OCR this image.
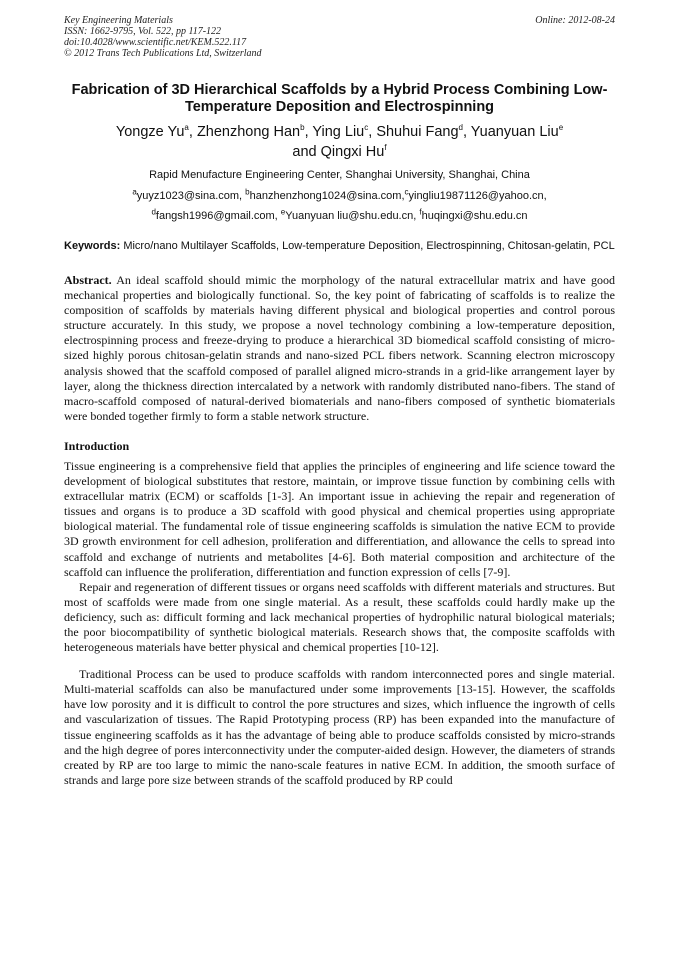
Key Engineering Materials	Online: 2012-08-24
ISSN: 1662-9795, Vol. 522, pp 117-122
doi:10.4028/www.scientific.net/KEM.522.117
© 2012 Trans Tech Publications Ltd, Switzerland
Fabrication of 3D Hierarchical Scaffolds by a Hybrid Process Combining Low-Temperature Deposition and Electrospinning
Yongze Yu$^a$, Zhenzhong Han$^b$, Ying Liu$^c$, Shuhui Fang$^d$, Yuanyuan Liu$^e$
and Qingxi Hu$^f$
Rapid Menufacture Engineering Center, Shanghai University, Shanghai, China
$^a$yuyz1023@sina.com, $^b$hanzhenzhong1024@sina.com,$^c$yingliu19871126@yahoo.cn,
$^d$fangsh1996@gmail.com, $^e$Yuanyuan liu@shu.edu.cn, $^f$huqingxi@shu.edu.cn
Keywords: Micro/nano Multilayer Scaffolds, Low-temperature Deposition, Electrospinning, Chitosan-gelatin, PCL
Abstract. An ideal scaffold should mimic the morphology of the natural extracellular matrix and have good mechanical properties and biologically functional. So, the key point of fabricating of scaffolds is to realize the composition of scaffolds by materials having different physical and biological properties and control porous structure accurately. In this study, we propose a novel technology combining a low-temperature deposition, electrospinning process and freeze-drying to produce a hierarchical 3D biomedical scaffold consisting of micro-sized highly porous chitosan-gelatin strands and nano-sized PCL fibers network. Scanning electron microscopy analysis showed that the scaffold composed of parallel aligned micro-strands in a grid-like arrangement layer by layer, along the thickness direction intercalated by a network with randomly distributed nano-fibers. The stand of macro-scaffold composed of natural-derived biomaterials and nano-fibers composed of synthetic biomaterials were bonded together firmly to form a stable network structure.
Introduction
Tissue engineering is a comprehensive field that applies the principles of engineering and life science toward the development of biological substitutes that restore, maintain, or improve tissue function by combining cells with extracellular matrix (ECM) or scaffolds [1-3]. An important issue in achieving the repair and regeneration of tissues and organs is to produce a 3D scaffold with good physical and chemical properties using appropriate biological material. The fundamental role of tissue engineering scaffolds is simulation the native ECM to provide 3D growth environment for cell adhesion, proliferation and differentiation, and allowance the cells to spread into scaffold and exchange of nutrients and metabolites [4-6]. Both material composition and architecture of the scaffold can influence the proliferation, differentiation and function expression of cells [7-9].
Repair and regeneration of different tissues or organs need scaffolds with different materials and structures. But most of scaffolds were made from one single material. As a result, these scaffolds could hardly make up the deficiency, such as: difficult forming and lack mechanical properties of hydrophilic natural biological materials; the poor biocompatibility of synthetic biological materials. Research shows that, the composite scaffolds with heterogeneous materials have better physical and chemical properties [10-12].
Traditional Process can be used to produce scaffolds with random interconnected pores and single material. Multi-material scaffolds can also be manufactured under some improvements [13-15]. However, the scaffolds have low porosity and it is difficult to control the pore structures and sizes, which influence the ingrowth of cells and vascularization of tissues. The Rapid Prototyping process (RP) has been expanded into the manufacture of tissue engineering scaffolds as it has the advantage of being able to produce scaffolds consisted by micro-strands and the high degree of pores interconnectivity under the computer-aided design. However, the diameters of strands created by RP are too large to mimic the nano-scale features in native ECM. In addition, the smooth surface of strands and large pore size between strands of the scaffold produced by RP could
